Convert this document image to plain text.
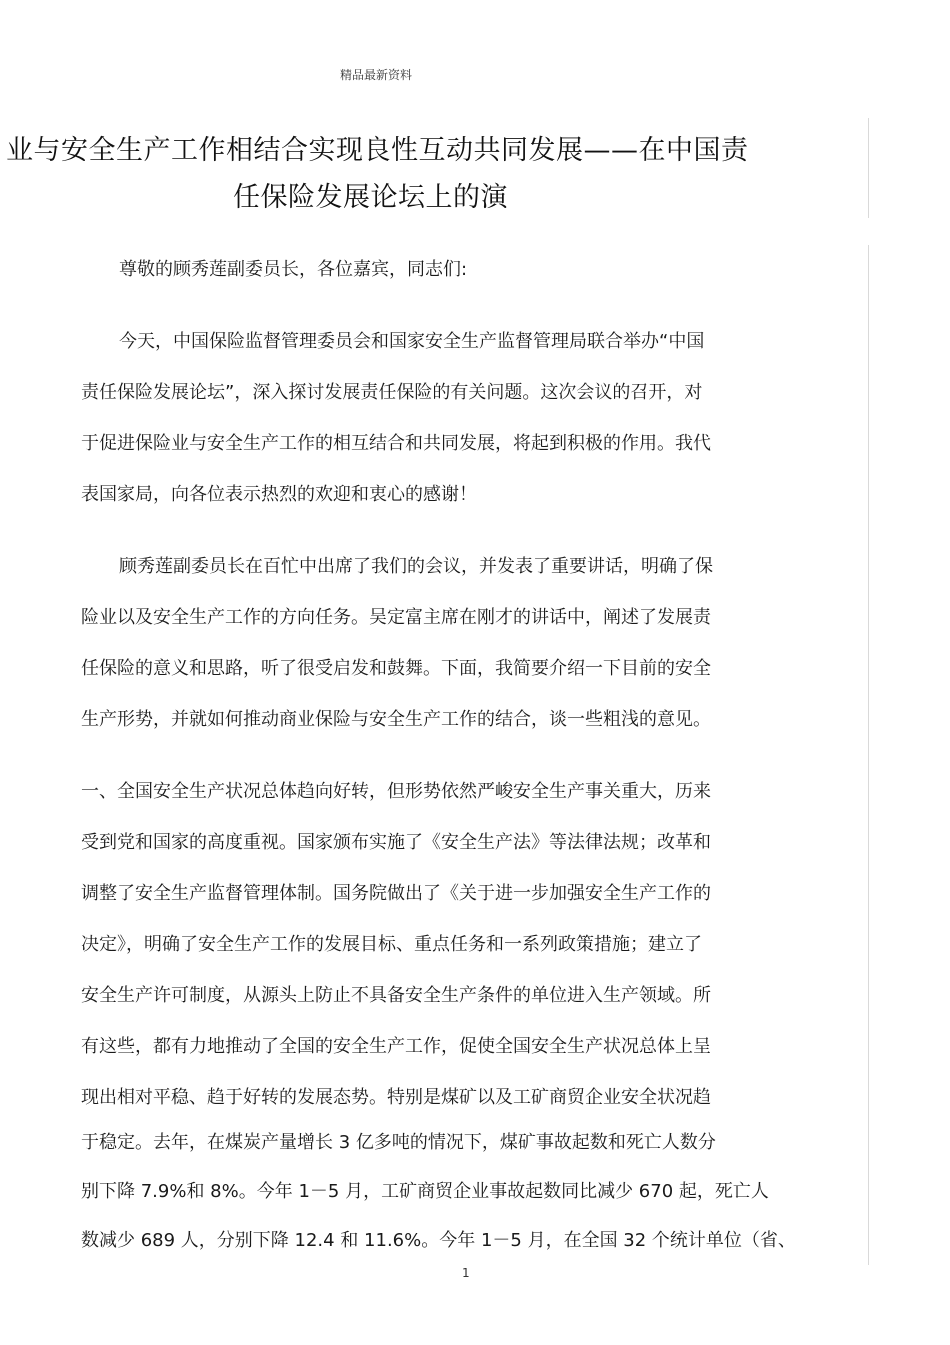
精品最新资料
业与安全生产工作相结合实现良性互动共同发展——在中国责
任保险发展论坛上的演
尊敬的顾秀莲副委员长，各位嘉宾，同志们:
今天，中国保险监督管理委员会和国家安全生产监督管理局联合举办“中国
责任保险发展论坛”，深入探讨发展责任保险的有关问题。这次会议的召开，对
于促进保险业与安全生产工作的相互结合和共同发展，将起到积极的作用。我代
表国家局，向各位表示热烈的欢迎和衷心的感谢！
顾秀莲副委员长在百忙中出席了我们的会议，并发表了重要讲话，明确了保
险业以及安全生产工作的方向任务。吴定富主席在刚才的讲话中，阐述了发展责
任保险的意义和思路，听了很受启发和鼓舞。下面，我简要介绍一下目前的安全
生产形势，并就如何推动商业保险与安全生产工作的结合，谈一些粗浅的意见。
一、全国安全生产状况总体趋向好转，但形势依然严峻安全生产事关重大，历来
受到党和国家的高度重视。国家颁布实施了《安全生产法》等法律法规；改革和
调整了安全生产监督管理体制。国务院做出了《关于进一步加强安全生产工作的
决定》，明确了安全生产工作的发展目标、重点任务和一系列政策措施；建立了
安全生产许可制度，从源头上防止不具备安全生产条件的单位进入生产领域。所
有这些，都有力地推动了全国的安全生产工作，促使全国安全生产状况总体上呈
现出相对平稳、趋于好转的发展态势。特别是煤矿以及工矿商贸企业安全状况趋
于稳定。去年，在煤炭产量增长 3 亿多吨的情况下，煤矿事故起数和死亡人数分
别下降 7.9%和 8%。今年 1－5 月，工矿商贸企业事故起数同比减少 670 起，死亡人
数减少 689 人，分别下降 12.4 和 11.6%。今年 1－5 月，在全国 32 个统计单位（省、
1
